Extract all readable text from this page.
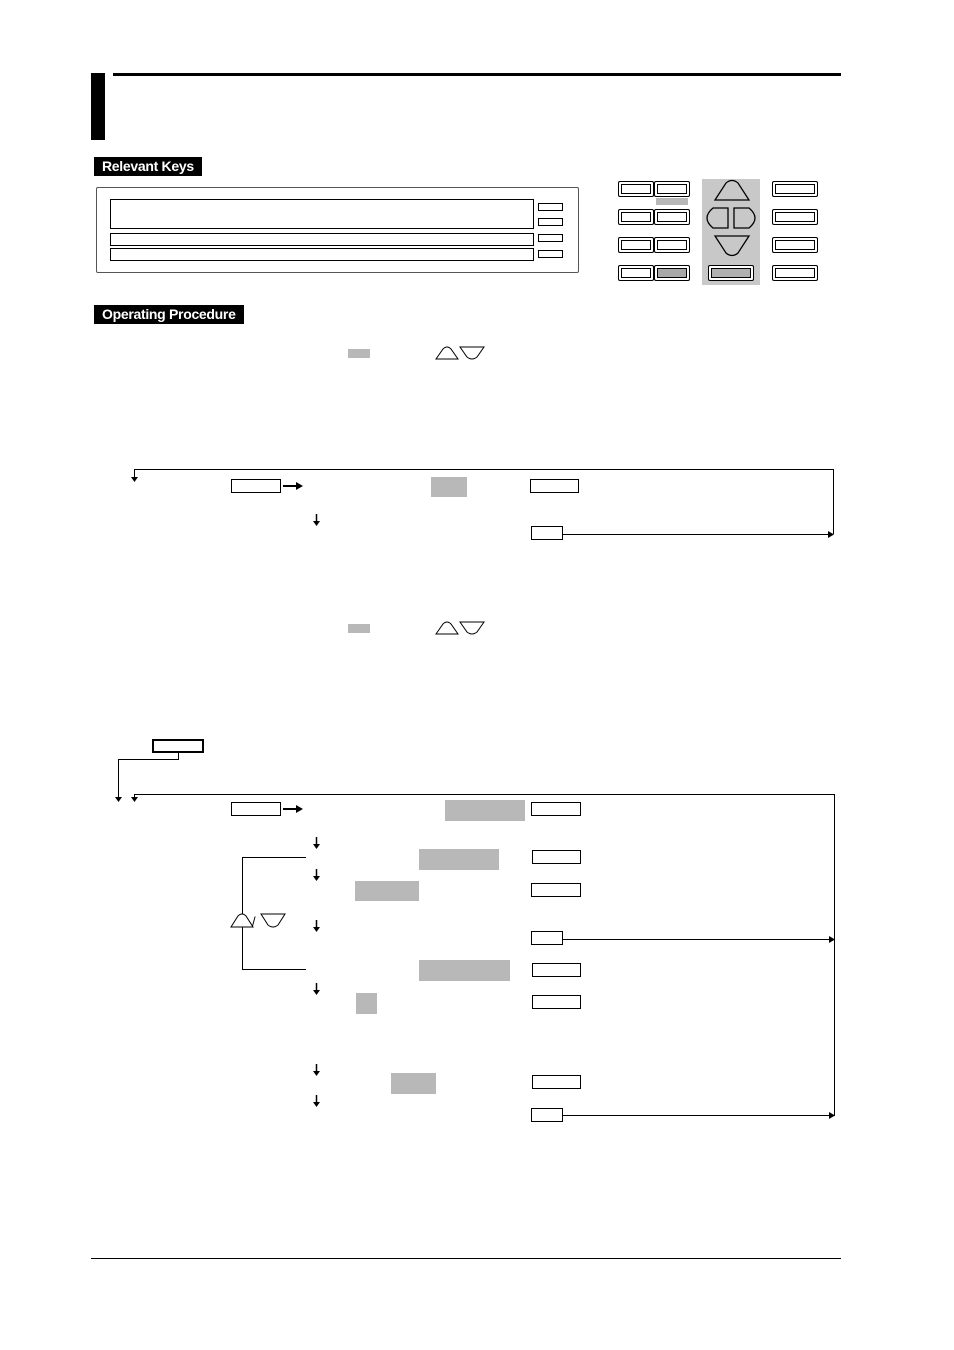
Relevant Keys
Operating Procedure
/
